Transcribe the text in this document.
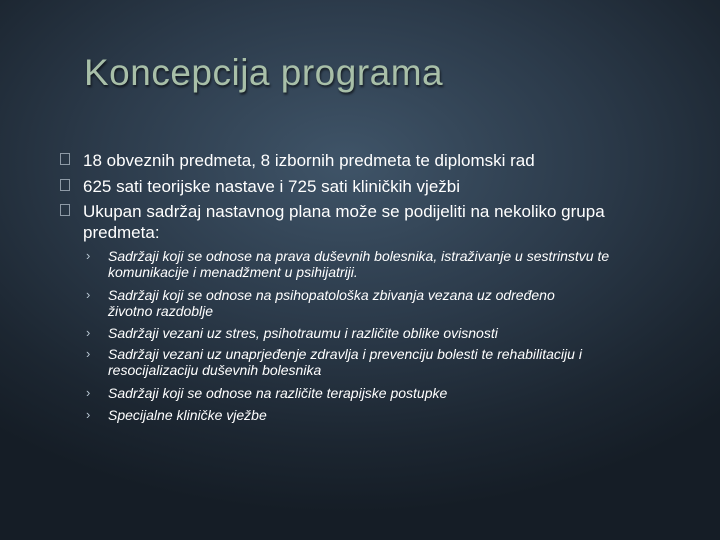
Koncepcija programa
18 obveznih predmeta, 8 izbornih predmeta te diplomski rad
625 sati teorijske nastave i 725 sati kliničkih vježbi
Ukupan sadržaj nastavnog plana može se podijeliti na nekoliko grupa predmeta:
› Sadržaji koji se odnose na prava duševnih bolesnika, istraživanje u sestrinstvu te komunikacije i menadžment u psihijatriji.
› Sadržaji koji se odnose na psihopatološka zbivanja vezana uz određeno životno razdoblje
› Sadržaji vezani uz stres, psihotraumu i različite oblike ovisnosti
› Sadržaji vezani uz unaprjeđenje zdravlja i prevenciju bolesti te rehabilitaciju i resocijalizaciju duševnih bolesnika
› Sadržaji koji se odnose na različite terapijske postupke
› Specijalne kliničke vježbe
